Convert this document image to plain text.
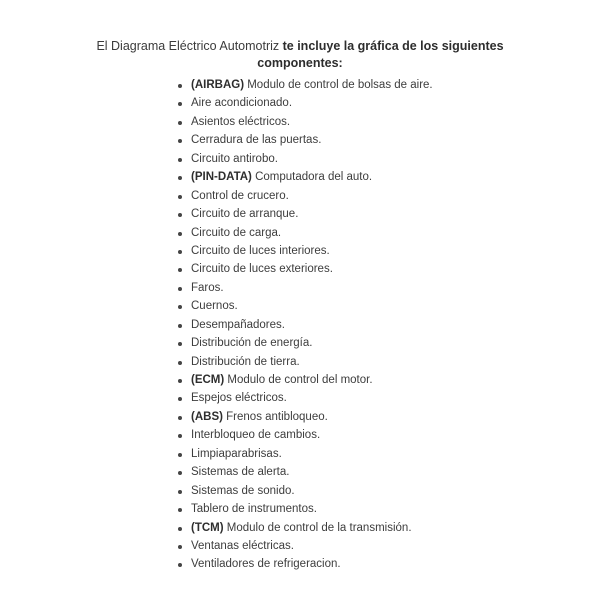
El Diagrama Eléctrico Automotriz te incluye la gráfica de los siguientes
componentes:
(AIRBAG) Modulo de control de bolsas de aire.
Aire acondicionado.
Asientos eléctricos.
Cerradura de las puertas.
Circuito antirobo.
(PIN-DATA) Computadora del auto.
Control de crucero.
Circuito de arranque.
Circuito de carga.
Circuito de luces interiores.
Circuito de luces exteriores.
Faros.
Cuernos.
Desempañadores.
Distribución de energía.
Distribución de tierra.
(ECM) Modulo de control del motor.
Espejos eléctricos.
(ABS) Frenos antibloqueo.
Interbloqueo de cambios.
Limpiaparabrisas.
Sistemas de alerta.
Sistemas de sonido.
Tablero de instrumentos.
(TCM) Modulo de control de la transmisión.
Ventanas eléctricas.
Ventiladores de refrigeracion.
